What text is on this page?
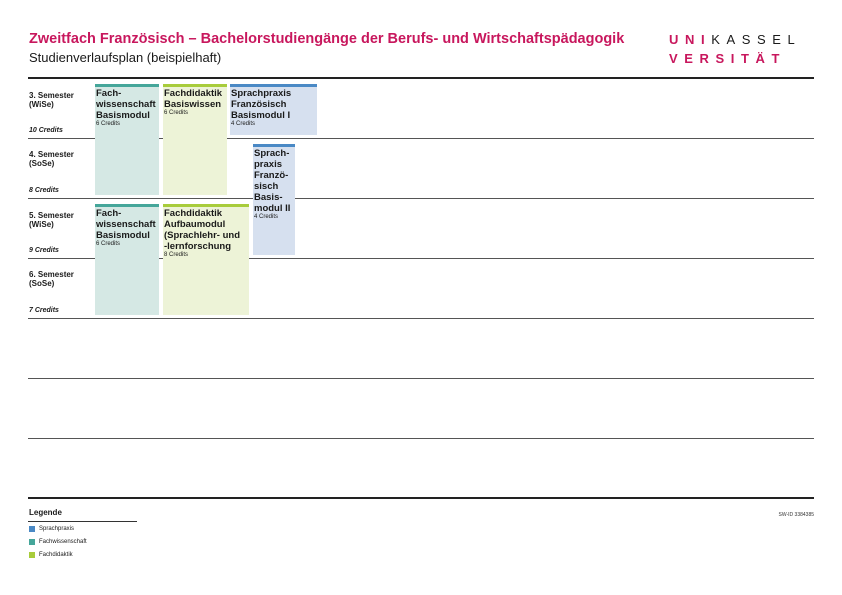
Zweitfach Französisch – Bachelorstudiengänge der Berufs- und Wirtschaftspädagogik
Studienverlaufsplan (beispielhaft)
UNIKASSEL
VERSITÄT
3. Semester
(WiSe)
10 Credits
4. Semester
(SoSe)
8 Credits
5. Semester
(WiSe)
9 Credits
6. Semester
(SoSe)
7 Credits
Fach-
wissenschaft
Basismodul
6 Credits
Fachdidaktik
Basiswissen
6 Credits
Sprachpraxis
Französisch
Basismodul I
4 Credits
Sprach-
praxis
Franzö-
sisch
Basis-
modul II
4 Credits
Fach-
wissenschaft
Basismodul
6 Credits
Fachdidaktik
Aufbaumodul
(Sprachlehr- und
-lernforschung
8 Credits
Legende
Sprachpraxis
Fachwissenschaft
Fachdidaktik
SW-ID 3384385
